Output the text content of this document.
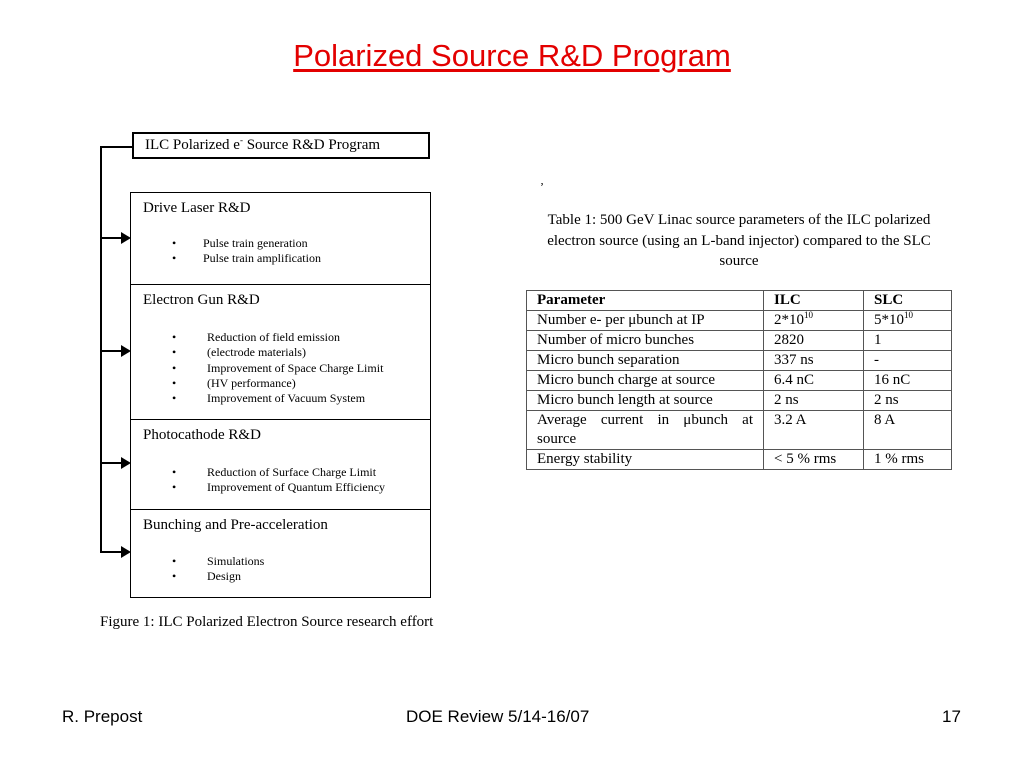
Polarized Source R&D Program
ILC Polarized e- Source R&D Program
Drive Laser R&D
• Pulse train generation
• Pulse train amplification
Electron Gun R&D
• Reduction of field emission
• (electrode materials)
• Improvement of Space Charge Limit
• (HV performance)
• Improvement of Vacuum System
Photocathode R&D
• Reduction of Surface Charge Limit
• Improvement of Quantum Efficiency
Bunching and Pre-acceleration
• Simulations
• Design
Figure 1: ILC Polarized Electron Source research effort
ʼ
Table 1: 500 GeV Linac source parameters of the ILC polarized electron source (using an L-band injector) compared to the SLC source
Parameter	ILC	SLC
Number e- per μbunch at IP	$2*10^{10}$	$5*10^{10}$
Number of micro bunches	2820	1
Micro bunch separation	337 ns	-
Micro bunch charge at source	6.4 nC	16 nC
Micro bunch length at source	2 ns	2 ns
Average current in μbunch at source	3.2 A	8 A
Energy stability	< 5 % rms	1 % rms
R. Prepost	DOE Review 5/14-16/07	17
